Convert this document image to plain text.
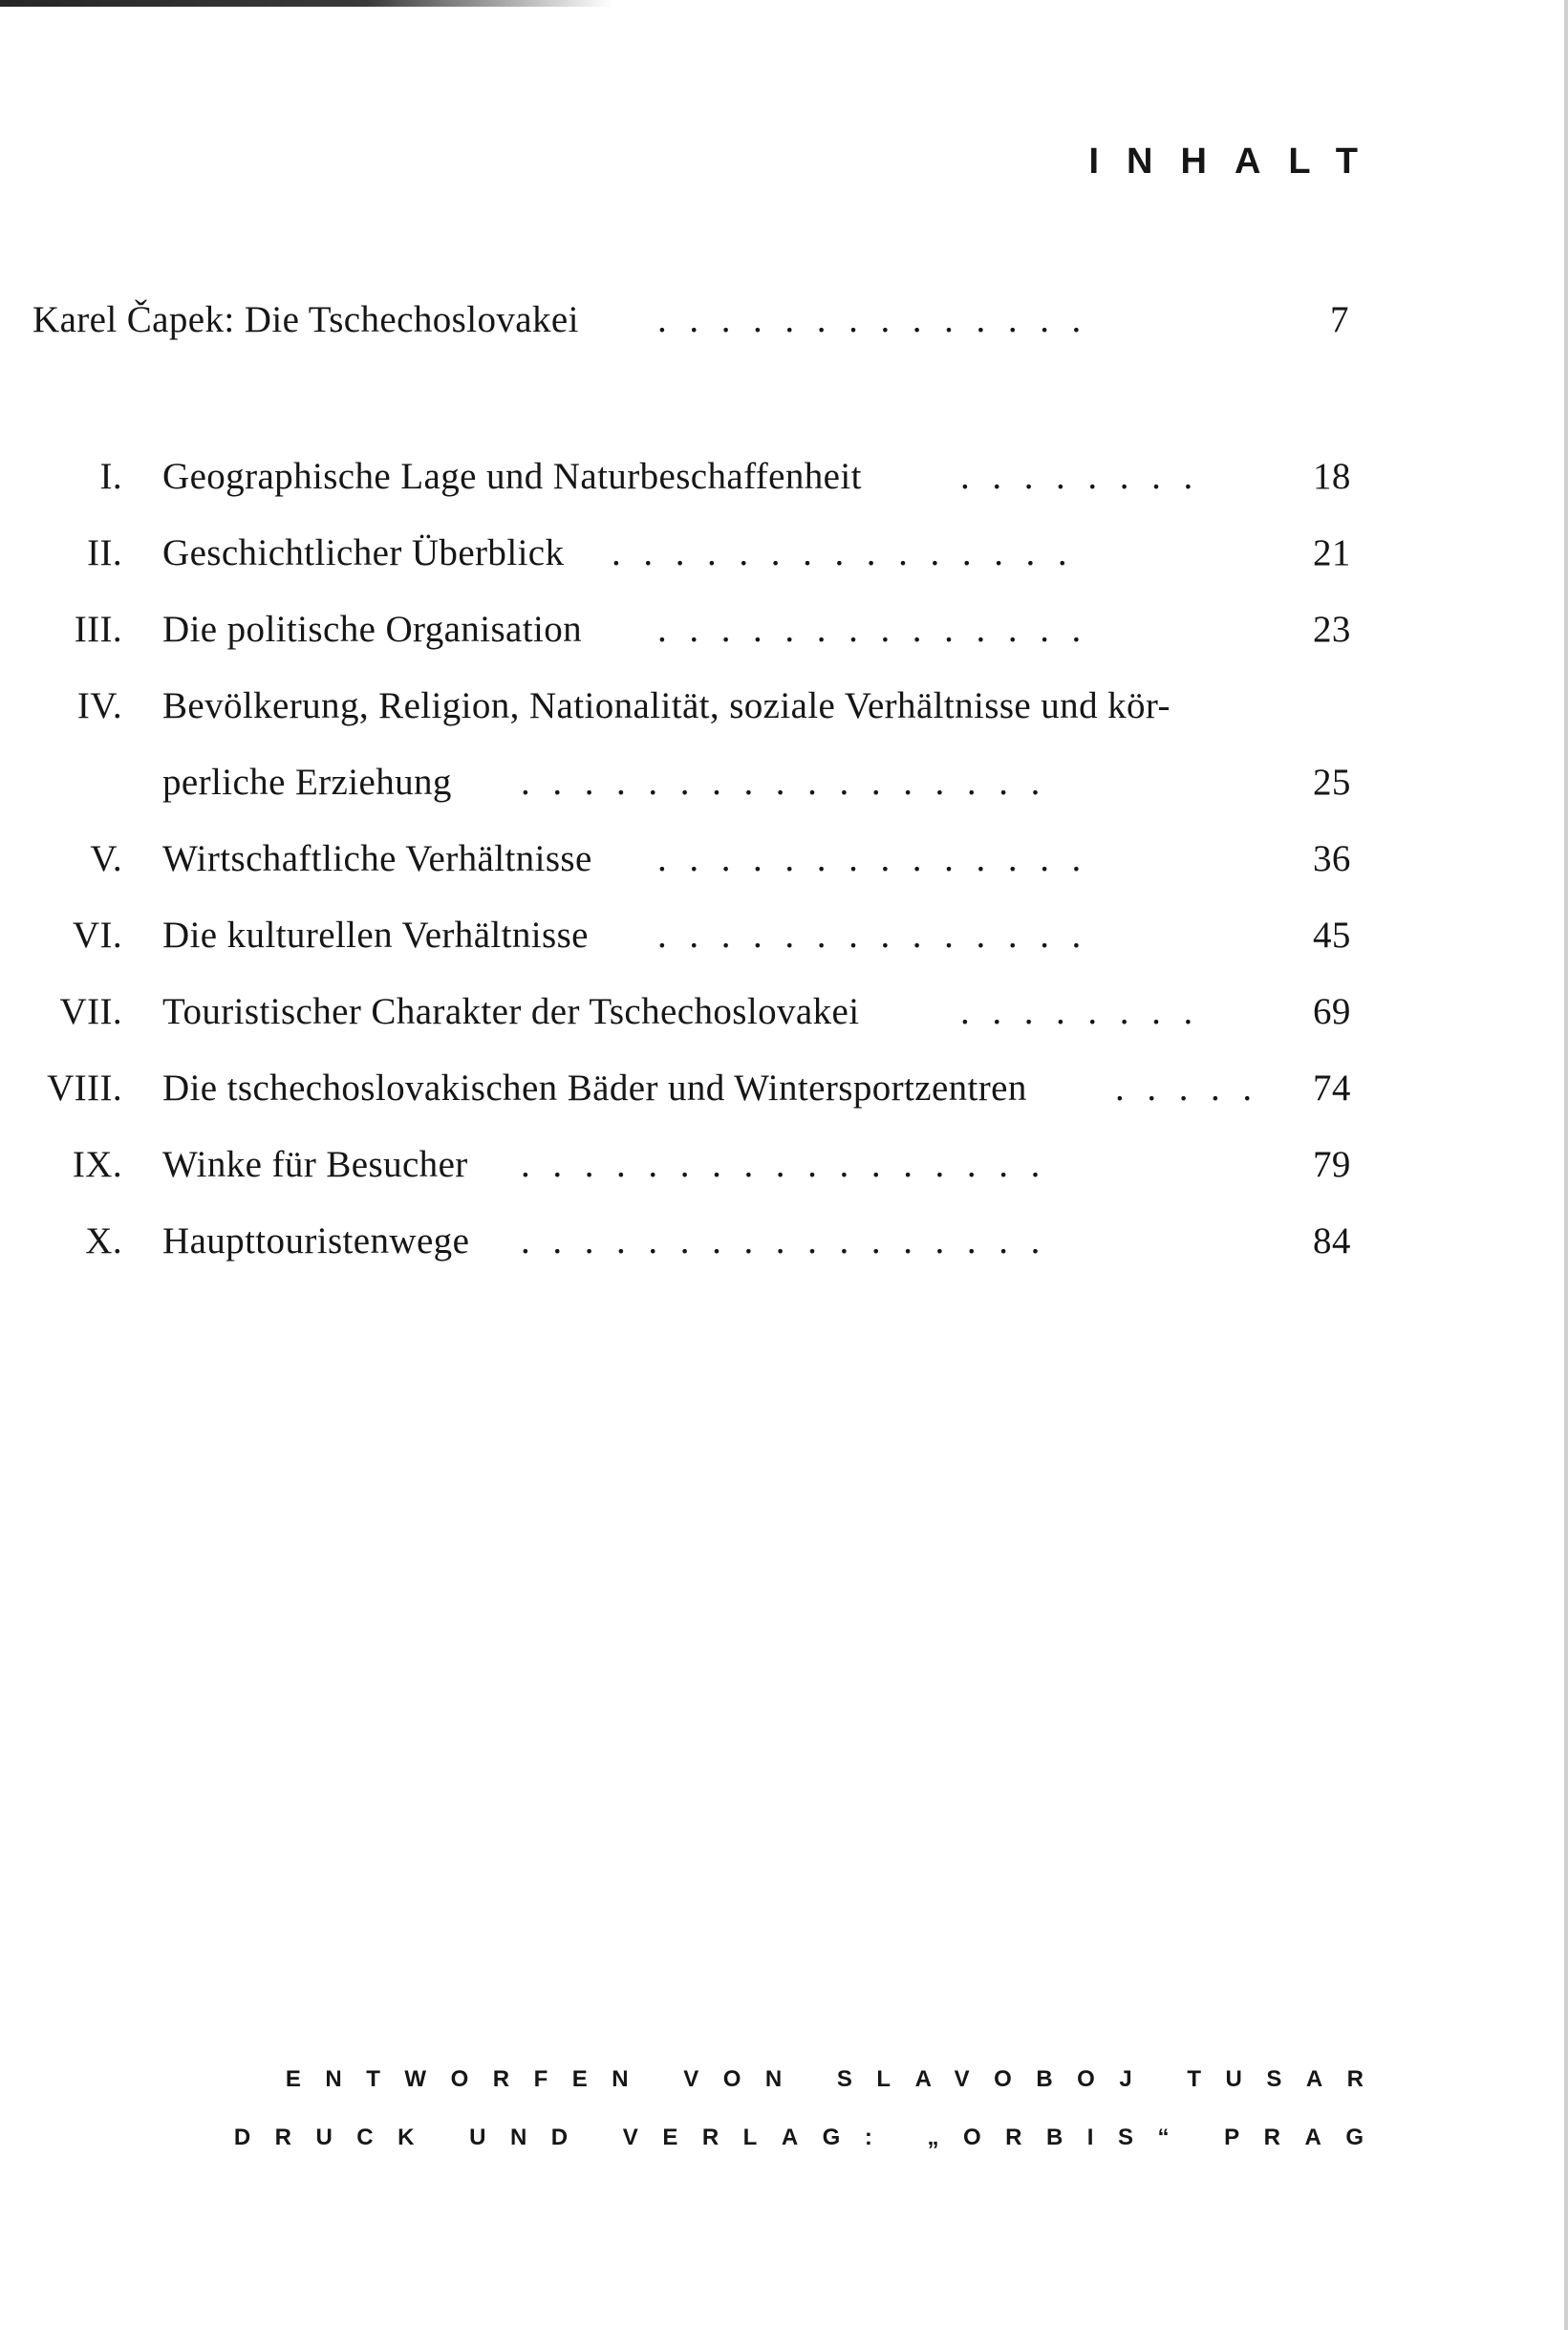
INHALT
Karel Čapek: Die Tschechoslovakei ..............	7
I. Geographische Lage und Naturbeschaffenheit	........	18
II. Geschichtlicher Überblick ...............	21
III. Die politische Organisation ..............	23
IV. Bevölkerung, Religion, Nationalität, soziale Verhältnisse und kör-
perliche Erziehung .................	25
V. Wirtschaftliche Verhältnisse ..............	36
VI. Die kulturellen Verhältnisse ..............	45
VII. Touristischer Charakter der Tschechoslovakei	........	69
VIII. Die tschechoslovakischen Bäder und Wintersportzentren ..... 74
IX. Winke für Besucher .................	79
X. Haupttouristenwege .................	84
ENTWORFEN VON SLAVOBOJ TUSAR
DRUCK UND VERLAG: „ORBIS“ PRAG
